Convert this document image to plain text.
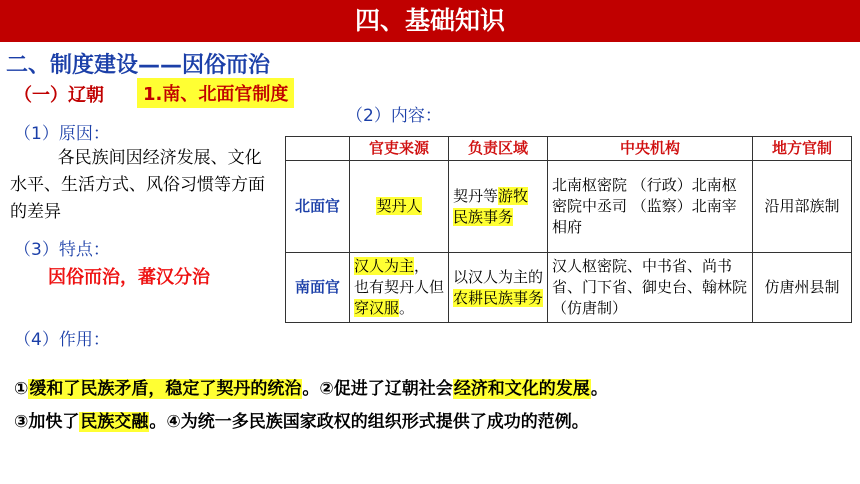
四、基础知识
二、制度建设——因俗而治
（一）辽朝	1.南、北面官制度
（1）原因：
各民族间因经济发展、文化水平、生活方式、风俗习惯等方面的差异
（3）特点：
因俗而治，蕃汉分治
（2）内容：
	官吏来源	负责区域	中央机构	地方官制
北面官	契丹人	契丹等游牧民族事务	北南枢密院 （行政）北南枢密院中丞司 （监察）北南宰相府	沿用部族制
南面官	汉人为主，也有契丹人但穿汉服。	以汉人为主的农耕民族事务	汉人枢密院、中书省、尚书省、门下省、御史台、翰林院 （仿唐制）	仿唐州县制
（4）作用：
①缓和了民族矛盾，稳定了契丹的统治。②促进了辽朝社会经济和文化的发展。
③加快了民族交融。④为统一多民族国家政权的组织形式提供了成功的范例。
